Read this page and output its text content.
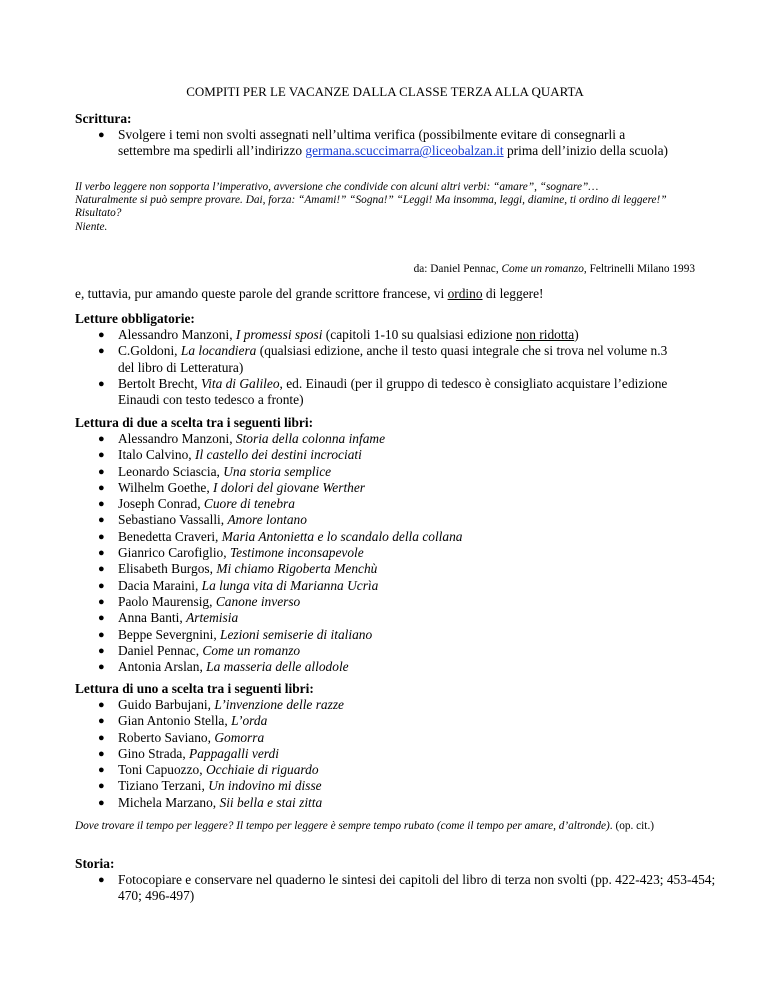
COMPITI PER LE VACANZE DALLA CLASSE TERZA ALLA QUARTA
Scrittura:
● Svolgere i temi non svolti assegnati nell’ultima verifica (possibilmente evitare di consegnarli a settembre ma spedirli all’indirizzo germana.scuccimarra@liceobalzan.it prima dell’inizio della scuola)
Il verbo leggere non sopporta l’imperativo, avversione che condivide con alcuni altri verbi: “amare”, “sognare”…
Naturalmente si può sempre provare. Dai, forza: “Amami!” “Sogna!” “Leggi! Ma insomma, leggi, diamine, ti ordino di leggere!”
Risultato?
Niente.
da: Daniel Pennac, Come un romanzo, Feltrinelli Milano 1993
e, tuttavia, pur amando queste parole del grande scrittore francese, vi ordino di leggere!
Letture obbligatorie:
● Alessandro Manzoni, I promessi sposi (capitoli 1-10 su qualsiasi edizione non ridotta)
● C.Goldoni, La locandiera (qualsiasi edizione, anche il testo quasi integrale che si trova nel volume n.3 del libro di Letteratura)
● Bertolt Brecht, Vita di Galileo, ed. Einaudi (per il gruppo di tedesco è consigliato acquistare l’edizione Einaudi con testo tedesco a fronte)
Lettura di due a scelta tra i seguenti libri:
● Alessandro Manzoni, Storia della colonna infame
● Italo Calvino, Il castello dei destini incrociati
● Leonardo Sciascia, Una storia semplice
● Wilhelm Goethe, I dolori del giovane Werther
● Joseph Conrad, Cuore di tenebra
● Sebastiano Vassalli, Amore lontano
● Benedetta Craveri, Maria Antonietta e lo scandalo della collana
● Gianrico Carofiglio, Testimone inconsapevole
● Elisabeth Burgos, Mi chiamo Rigoberta Menchù
● Dacia Maraini, La lunga vita di Marianna Ucrìa
● Paolo Maurensig, Canone inverso
● Anna Banti, Artemisia
● Beppe Severgnini, Lezioni semiserie di italiano
● Daniel Pennac, Come un romanzo
● Antonia Arslan, La masseria delle allodole
Lettura di uno a scelta tra i seguenti libri:
● Guido Barbujani, L’invenzione delle razze
● Gian Antonio Stella, L’orda
● Roberto Saviano, Gomorra
● Gino Strada, Pappagalli verdi
● Toni Capuozzo, Occhiaie di riguardo
● Tiziano Terzani, Un indovino mi disse
● Michela Marzano, Sii bella e stai zitta
Dove trovare il tempo per leggere? Il tempo per leggere è sempre tempo rubato (come il tempo per amare, d’altronde). (op. cit.)
Storia:
● Fotocopiare e conservare nel quaderno le sintesi dei capitoli del libro di terza non svolti (pp. 422-423; 453-454; 470; 496-497)
